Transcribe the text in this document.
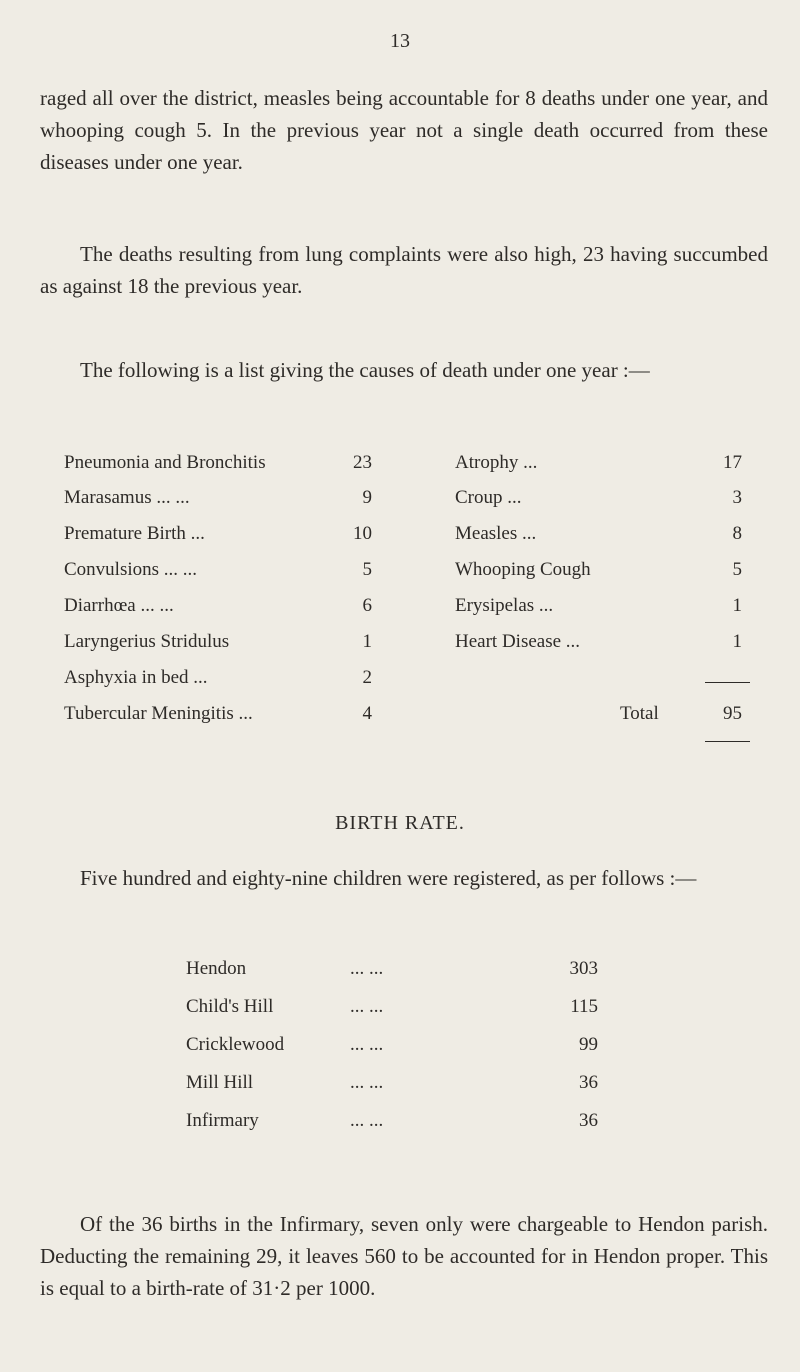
13

raged all over the district, measles being accountable for 8 deaths under one year, and whooping cough 5. In the previous year not a single death occurred from these diseases under one year.

The deaths resulting from lung complaints were also high, 23 having succumbed as against 18 the previous year.

The following is a list giving the causes of death under one year :—

Pneumonia and Bronchitis	23
Marasamus ... ...	9
Premature Birth ...	10
Convulsions ... ...	5
Diarrhœa ... ...	6
Laryngerius Stridulus	1
Asphyxia in bed ...	2
Tubercular Meningitis ...	4
Atrophy ...	17
Croup ...	3
Measles ...	8
Whooping Cough	5
Erysipelas ...	1
Heart Disease ...	1
Total	95
BIRTH RATE.

Five hundred and eighty-nine children were registered, as per follows :—

Hendon	... ...	303
Child's Hill	... ...	115
Cricklewood	... ...	99
Mill Hill	... ...	36
Infirmary	... ...	36

Of the 36 births in the Infirmary, seven only were chargeable to Hendon parish. Deducting the remaining 29, it leaves 560 to be accounted for in Hendon proper. This is equal to a birth-rate of 31·2 per 1000.
